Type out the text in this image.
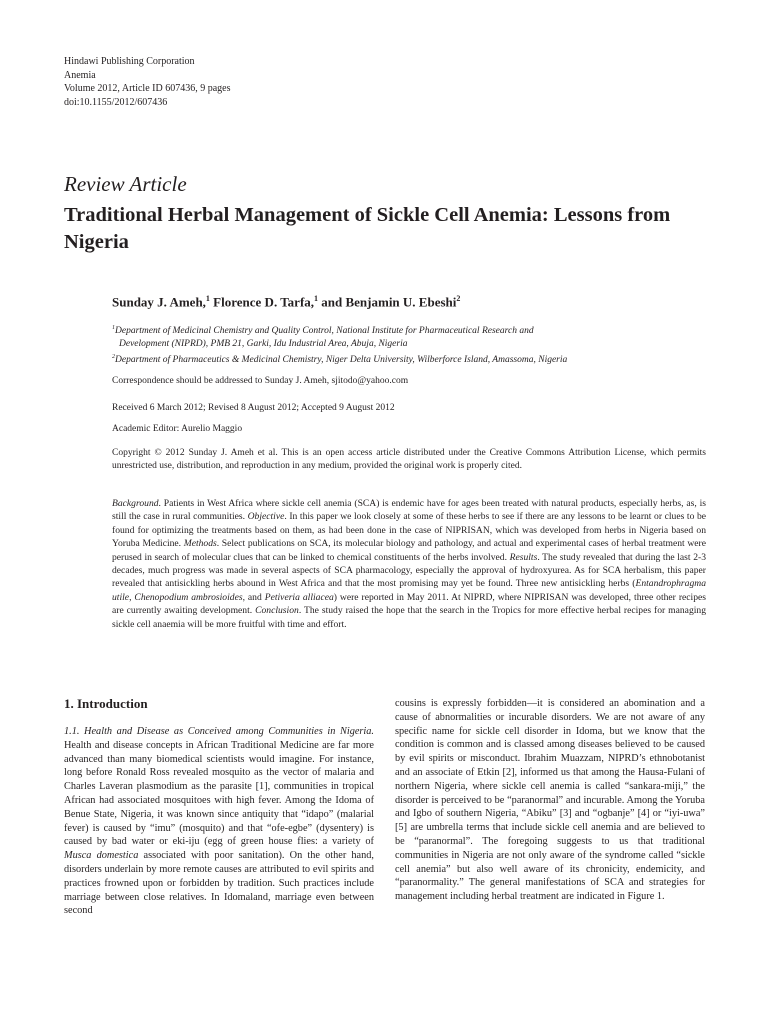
Hindawi Publishing Corporation
Anemia
Volume 2012, Article ID 607436, 9 pages
doi:10.1155/2012/607436
Review Article
Traditional Herbal Management of Sickle Cell Anemia: Lessons from Nigeria
Sunday J. Ameh,$^1$ Florence D. Tarfa,$^1$ and Benjamin U. Ebeshi$^2$

$^1$Department of Medicinal Chemistry and Quality Control, National Institute for Pharmaceutical Research and

Development (NIPRD), PMB 21, Garki, Idu Industrial Area, Abuja, Nigeria

$^2$Department of Pharmaceutics & Medicinal Chemistry, Niger Delta University, Wilberforce Island, Amassoma, Nigeria

Correspondence should be addressed to Sunday J. Ameh, sjitodo@yahoo.com
Received 6 March 2012; Revised 8 August 2012; Accepted 9 August 2012
Academic Editor: Aurelio Maggio
Copyright © 2012 Sunday J. Ameh et al. This is an open access article distributed under the Creative Commons Attribution License, which permits unrestricted use, distribution, and reproduction in any medium, provided the original work is properly cited.
Background. Patients in West Africa where sickle cell anemia (SCA) is endemic have for ages been treated with natural products, especially herbs, as, is still the case in rural communities. Objective. In this paper we look closely at some of these herbs to see if there are any lessons to be learnt or clues to be found for optimizing the treatments based on them, as had been done in the case of NIPRISAN, which was developed from herbs in Nigeria based on Yoruba Medicine. Methods. Select publications on SCA, its molecular biology and pathology, and actual and experimental cases of herbal treatment were perused in search of molecular clues that can be linked to chemical constituents of the herbs involved. Results. The study revealed that during the last 2-3 decades, much progress was made in several aspects of SCA pharmacology, especially the approval of hydroxyurea. As for SCA herbalism, this paper revealed that antisickling herbs abound in West Africa and that the most promising may yet be found. Three new antisickling herbs (Entandrophragma utile, Chenopodium ambrosioides, and Petiveria alliacea) were reported in May 2011. At NIPRD, where NIPRISAN was developed, three other recipes are currently awaiting development. Conclusion. The study raised the hope that the search in the Tropics for more effective herbal recipes for managing sickle cell anaemia will be more fruitful with time and effort.
1. Introduction

1.1. Health and Disease as Conceived among Communities in Nigeria. Health and disease concepts in African Traditional Medicine are far more advanced than many biomedical scientists would imagine. For instance, long before Ronald Ross revealed mosquito as the vector of malaria and Charles Laveran plasmodium as the parasite [1], communities in tropical African had associated mosquitoes with high fever. Among the Idoma of Benue State, Nigeria, it was known since antiquity that “idapo” (malarial fever) is caused by “imu” (mosquito) and that “ofe-egbe” (dysentery) is caused by bad water or eki-iju (egg of green house flies: a variety of Musca domestica associated with poor sanitation). On the other hand, disorders underlain by more remote causes are attributed to evil spirits and practices frowned upon or forbidden by tradition. Such practices include marriage between close relatives. In Idomaland, marriage even between second

cousins is expressly forbidden—it is considered an abomination and a cause of abnormalities or incurable disorders. We are not aware of any specific name for sickle cell disorder in Idoma, but we know that the condition is common and is classed among diseases believed to be caused by evil spirits or misconduct. Ibrahim Muazzam, NIPRD’s ethnobotanist and an associate of Etkin [2], informed us that among the Hausa-Fulani of northern Nigeria, where sickle cell anemia is called “sankara-miji,” the disorder is perceived to be “paranormal” and incurable. Among the Yoruba and Igbo of southern Nigeria, “Abiku” [3] and “ogbanje” [4] or “iyi-uwa” [5] are umbrella terms that include sickle cell anemia and are believed to be “paranormal”. The foregoing suggests to us that traditional communities in Nigeria are not only aware of the syndrome called “sickle cell anemia” but also well aware of its chronicity, endemicity, and “paranormality.” The general manifestations of SCA and strategies for management including herbal treatment are indicated in Figure 1.
